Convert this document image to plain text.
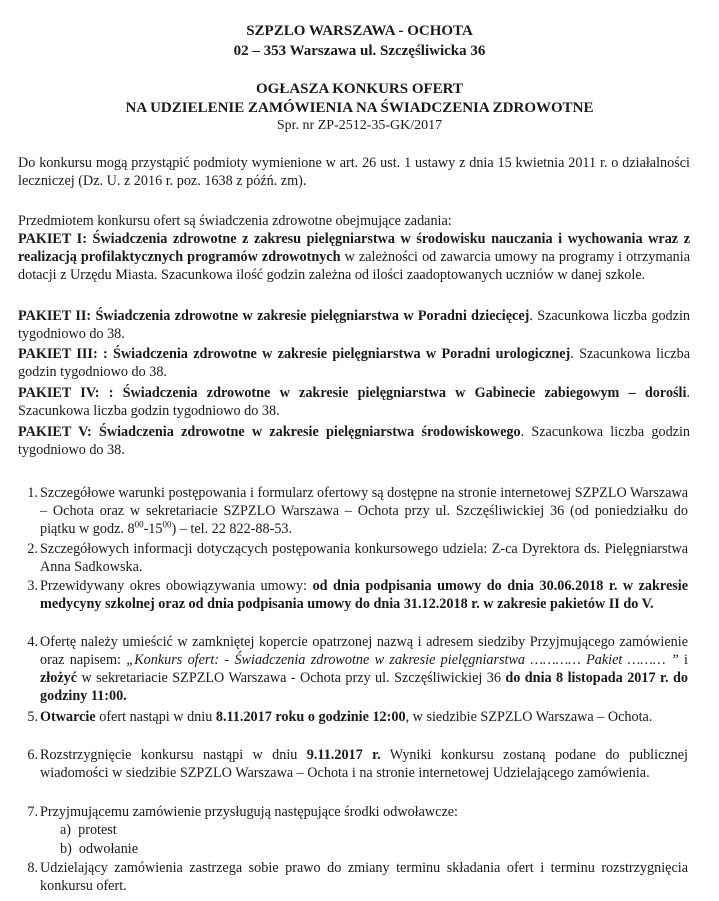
SZPZLO WARSZAWA - OCHOTA
02 – 353 Warszawa ul. Szczęśliwicka 36
OGŁASZA KONKURS OFERT
NA UDZIELENIE ZAMÓWIENIA NA ŚWIADCZENIA ZDROWOTNE
Spr. nr ZP-2512-35-GK/2017
Do konkursu mogą przystąpić podmioty wymienione w art. 26 ust. 1 ustawy z dnia 15 kwietnia 2011 r. o działalności leczniczej (Dz. U. z 2016 r. poz. 1638 z późń. zm).
Przedmiotem konkursu ofert są świadczenia zdrowotne obejmujące zadania:
PAKIET I: Świadczenia zdrowotne z zakresu pielęgniarstwa w środowisku nauczania i wychowania wraz z realizacją profilaktycznych programów zdrowotnych w zależności od zawarcia umowy na programy i otrzymania dotacji z Urzędu Miasta. Szacunkowa ilość godzin zależna od ilości zaadoptowanych uczniów w danej szkole.
PAKIET II: Świadczenia zdrowotne w zakresie pielęgniarstwa w Poradni dziecięcej. Szacunkowa liczba godzin tygodniowo do 38.
PAKIET III: : Świadczenia zdrowotne w zakresie pielęgniarstwa w Poradni urologicznej. Szacunkowa liczba godzin tygodniowo do 38.
PAKIET IV: : Świadczenia zdrowotne w zakresie pielęgniarstwa w Gabinecie zabiegowym – dorośli. Szacunkowa liczba godzin tygodniowo do 38.
PAKIET V: Świadczenia zdrowotne w zakresie pielęgniarstwa środowiskowego. Szacunkowa liczba godzin tygodniowo do 38.
1. Szczegółowe warunki postępowania i formularz ofertowy są dostępne na stronie internetowej SZPZLO Warszawa – Ochota oraz w sekretariacie SZPZLO Warszawa – Ochota przy ul. Szczęśliwickiej 36 (od poniedziałku do piątku w godz. $8^{00}-15^{00}$) – tel. 22 822-88-53.
2. Szczegółowych informacji dotyczących postępowania konkursowego udziela: Z-ca Dyrektora ds. Pielęgniarstwa Anna Sadkowska.
3. Przewidywany okres obowiązywania umowy: od dnia podpisania umowy do dnia 30.06.2018 r. w zakresie medycyny szkolnej oraz od dnia podpisania umowy do dnia 31.12.2018 r. w zakresie pakietów II do V.
4. Ofertę należy umieścić w zamkniętej kopercie opatrzonej nazwą i adresem siedziby Przyjmującego zamówienie oraz napisem: „Konkurs ofert: - Świadczenia zdrowotne w zakresie pielęgniarstwa ………… Pakiet ……… ” i złożyć w sekretariacie SZPZLO Warszawa - Ochota przy ul. Szczęśliwickiej 36 do dnia 8 listopada 2017 r. do godziny 11:00.
5. Otwarcie ofert nastąpi w dniu 8.11.2017 roku o godzinie 12:00, w siedzibie SZPZLO Warszawa – Ochota.
6. Rozstrzygnięcie konkursu nastąpi w dniu 9.11.2017 r. Wyniki konkursu zostaną podane do publicznej wiadomości w siedzibie SZPZLO Warszawa – Ochota i na stronie internetowej Udzielającego zamówienia.
7. Przyjmującemu zamówienie przysługują następujące środki odwoławcze:
a) protest
b) odwołanie
8. Udzielający zamówienia zastrzega sobie prawo do zmiany terminu składania ofert i terminu rozstrzygnięcia konkursu ofert.
